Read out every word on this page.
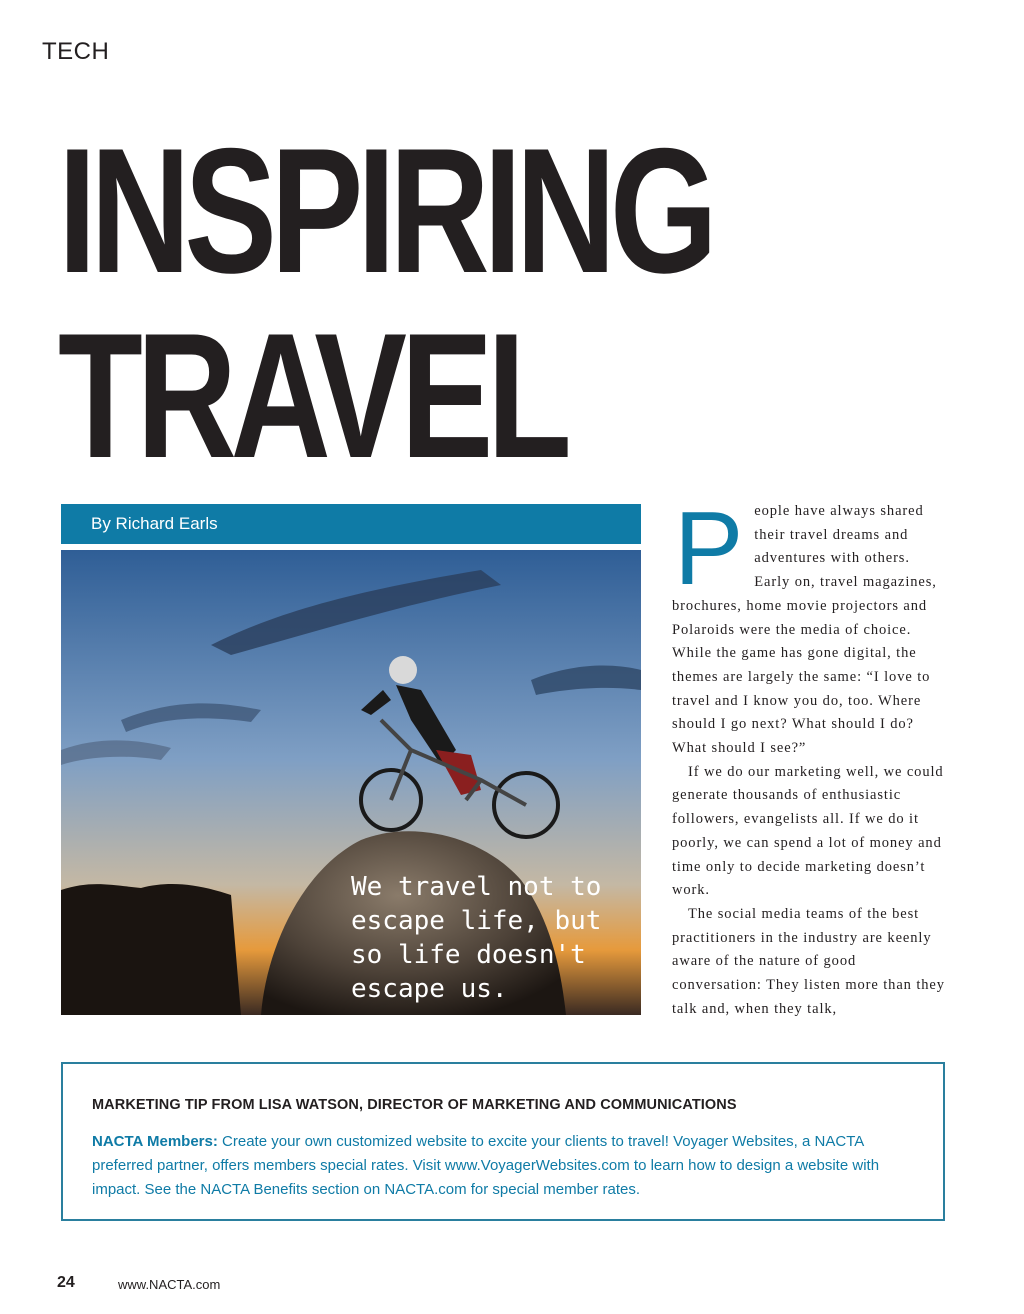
TECH
INSPIRING
TRAVEL
By Richard Earls
We travel not to escape life, but so life doesn't escape us.
P eople have always shared their travel dreams and adventures with others. Early on, travel magazines, brochures, home movie projectors and Polaroids were the media of choice. While the game has gone digital, the themes are largely the same: “I love to travel and I know you do, too. Where should I go next? What should I do? What should I see?”

If we do our marketing well, we could generate thousands of enthusiastic followers, evangelists all. If we do it poorly, we can spend a lot of money and time only to decide marketing doesn’t work.

The social media teams of the best practitioners in the industry are keenly aware of the nature of good conversation: They listen more than they talk and, when they talk,

MARKETING TIP FROM LISA WATSON, DIRECTOR OF MARKETING AND COMMUNICATIONS
NACTA Members: Create your own customized website to excite your clients to travel! Voyager Websites, a NACTA preferred partner, offers members special rates. Visit www.VoyagerWebsites.com to learn how to design a website with impact. See the NACTA Benefits section on NACTA.com for special member rates.
24	www.NACTA.com
